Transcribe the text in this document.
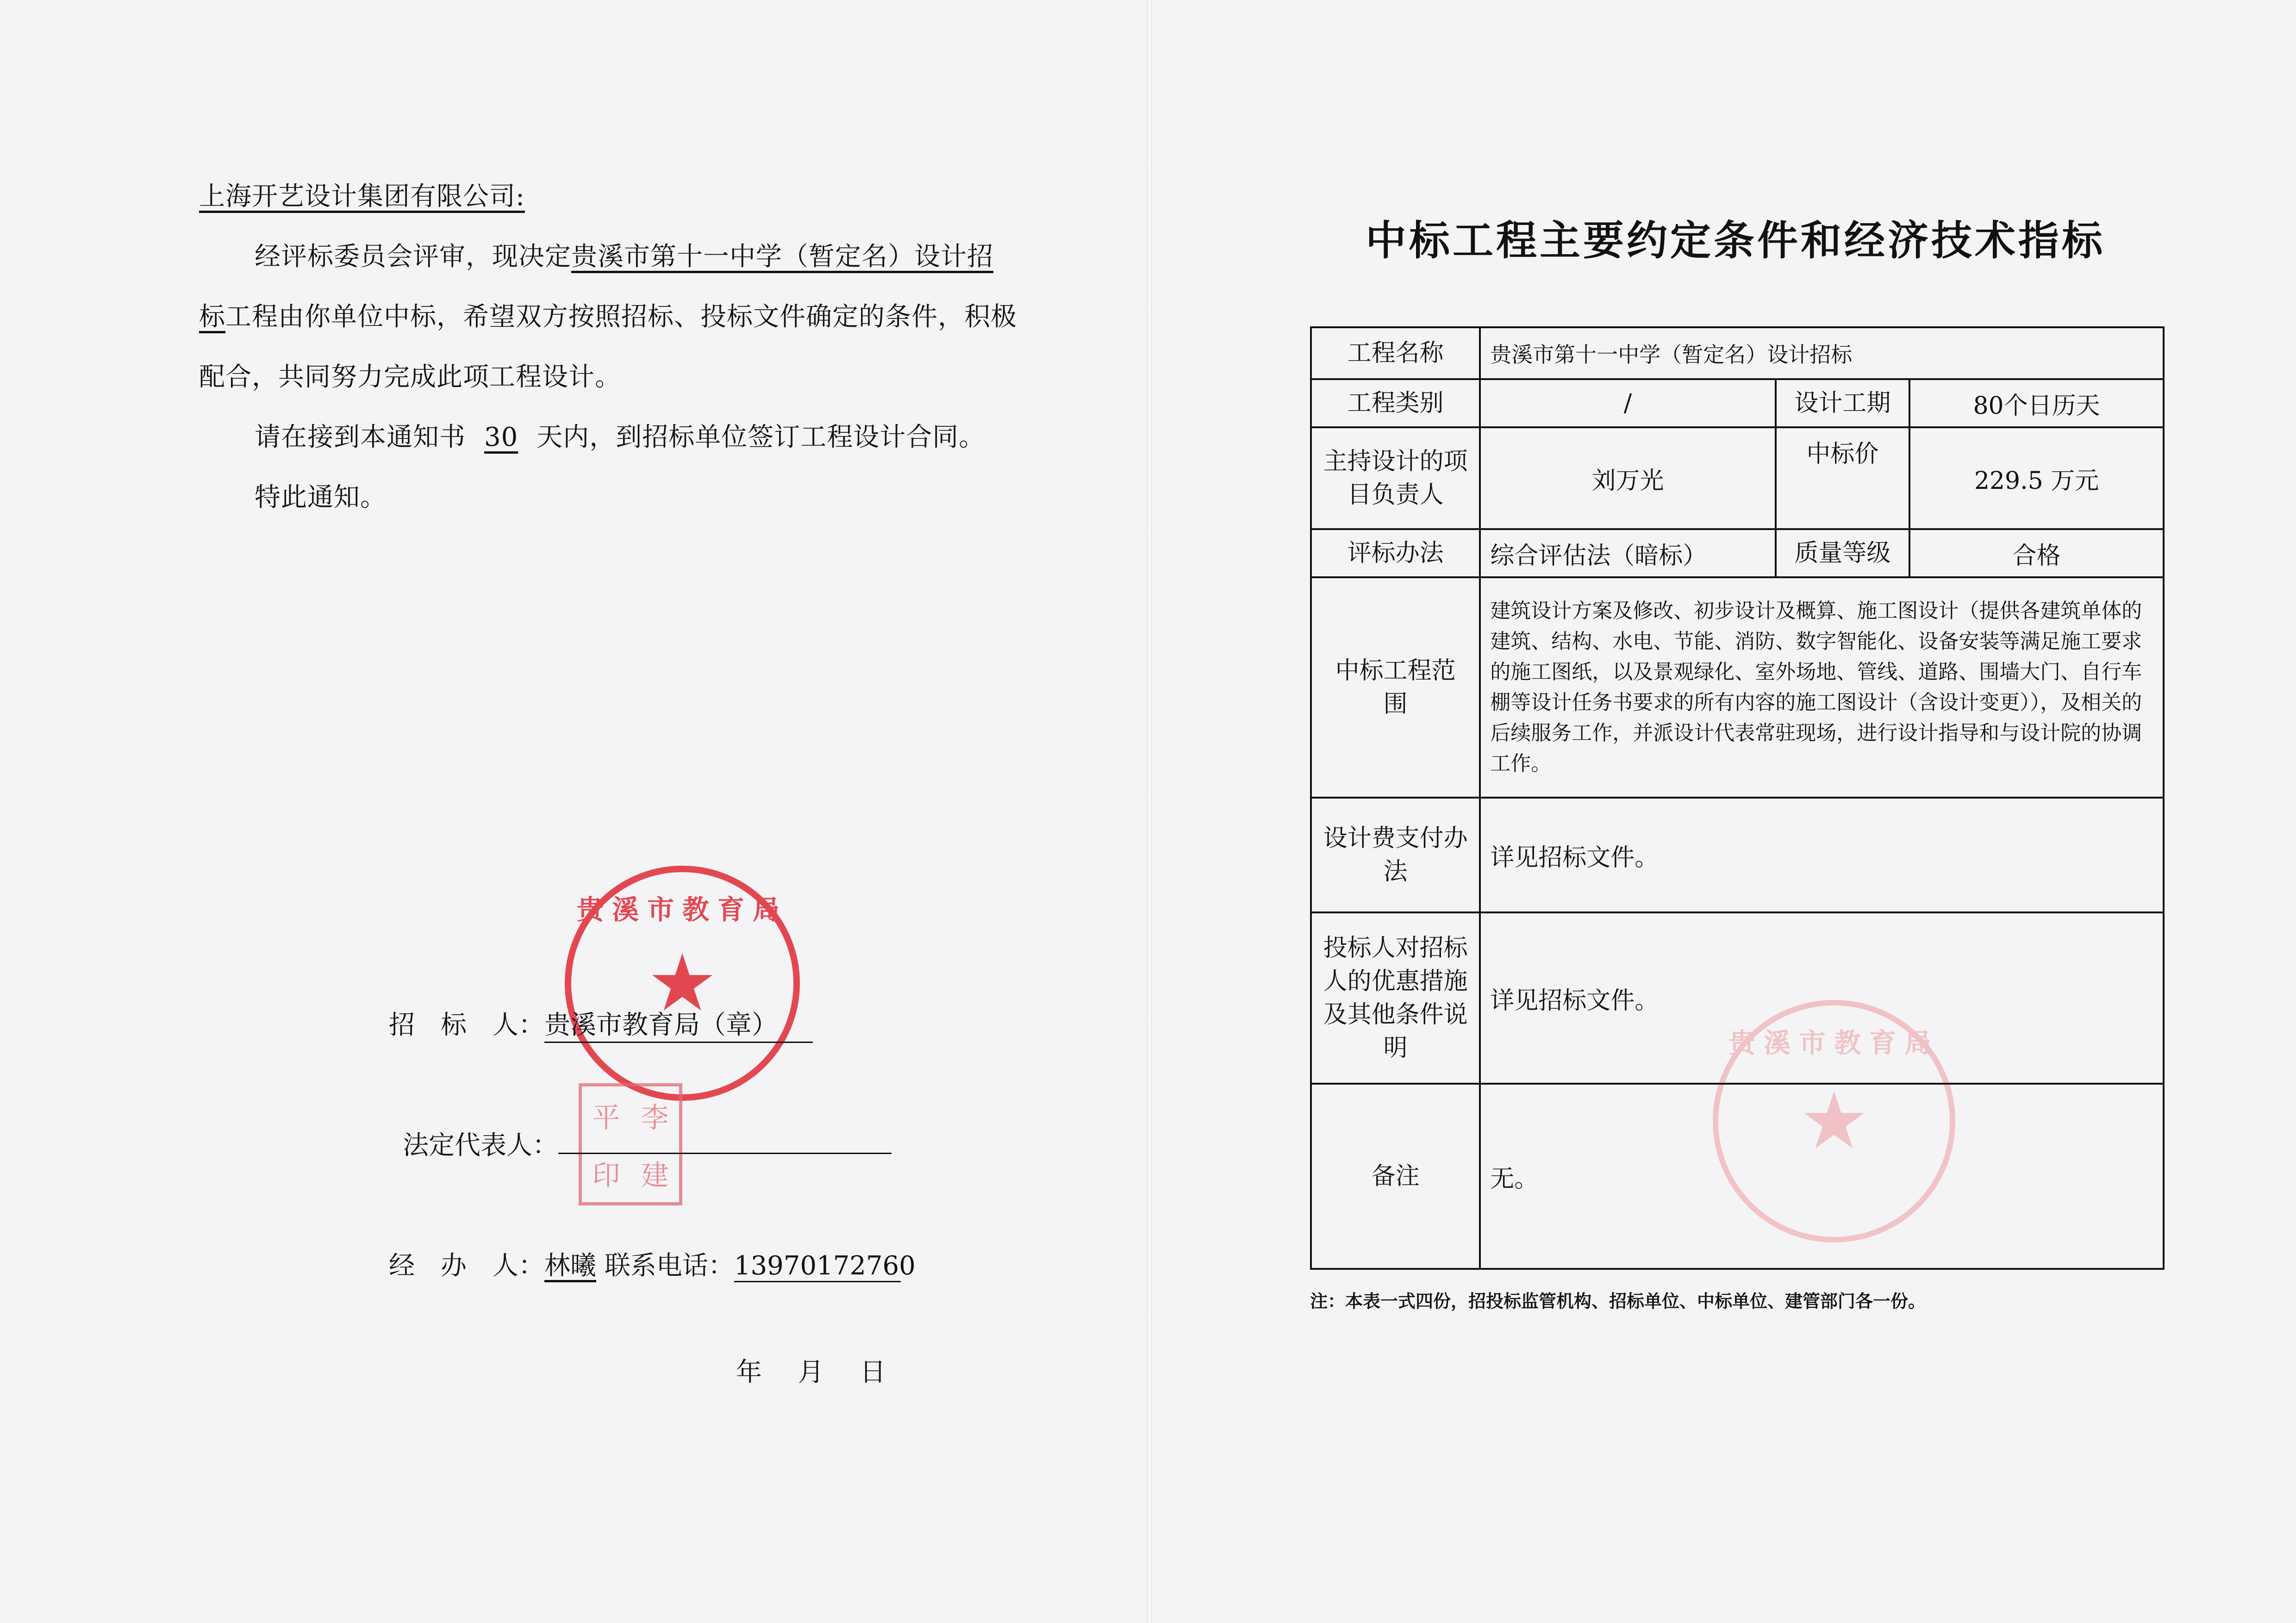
上海开艺设计集团有限公司:

经评标委员会评审，现决定贵溪市第十一中学（暂定名）设计招标工程由你单位中标，希望双方按照招标、投标文件确定的条件，积极配合，共同努力完成此项工程设计。

请在接到本通知书 30 天内，到招标单位签订工程设计合同。

特此通知。

贵溪市教育局
★
平 李
印 建
招　标　人：贵溪市教育局（章）
法定代表人：
经　办　人：林曦 联系电话：13970172760
年 月 日
中标工程主要约定条件和经济技术指标
贵溪市教育局
★
工程名称	贵溪市第十一中学（暂定名）设计招标		
工程类别	/	设计工期	80个日历天
主持设计的项目负责人	刘万光	中标价	229.5 万元
评标办法	综合评估法（暗标）	质量等级	合格
中标工程范　围	建筑设计方案及修改、初步设计及概算、施工图设计（提供各建筑单体的建筑、结构、水电、节能、消防、数字智能化、设备安装等满足施工要求的施工图纸，以及景观绿化、室外场地、管线、道路、围墙大门、自行车棚等设计任务书要求的所有内容的施工图设计（含设计变更）），及相关的后续服务工作，并派设计代表常驻现场，进行设计指导和与设计院的协调工作。		
设计费支付办法	详见招标文件。		
投标人对招标人的优惠措施及其他条件说明	详见招标文件。		
备注	无。		
注：本表一式四份，招投标监管机构、招标单位、中标单位、建管部门各一份。
